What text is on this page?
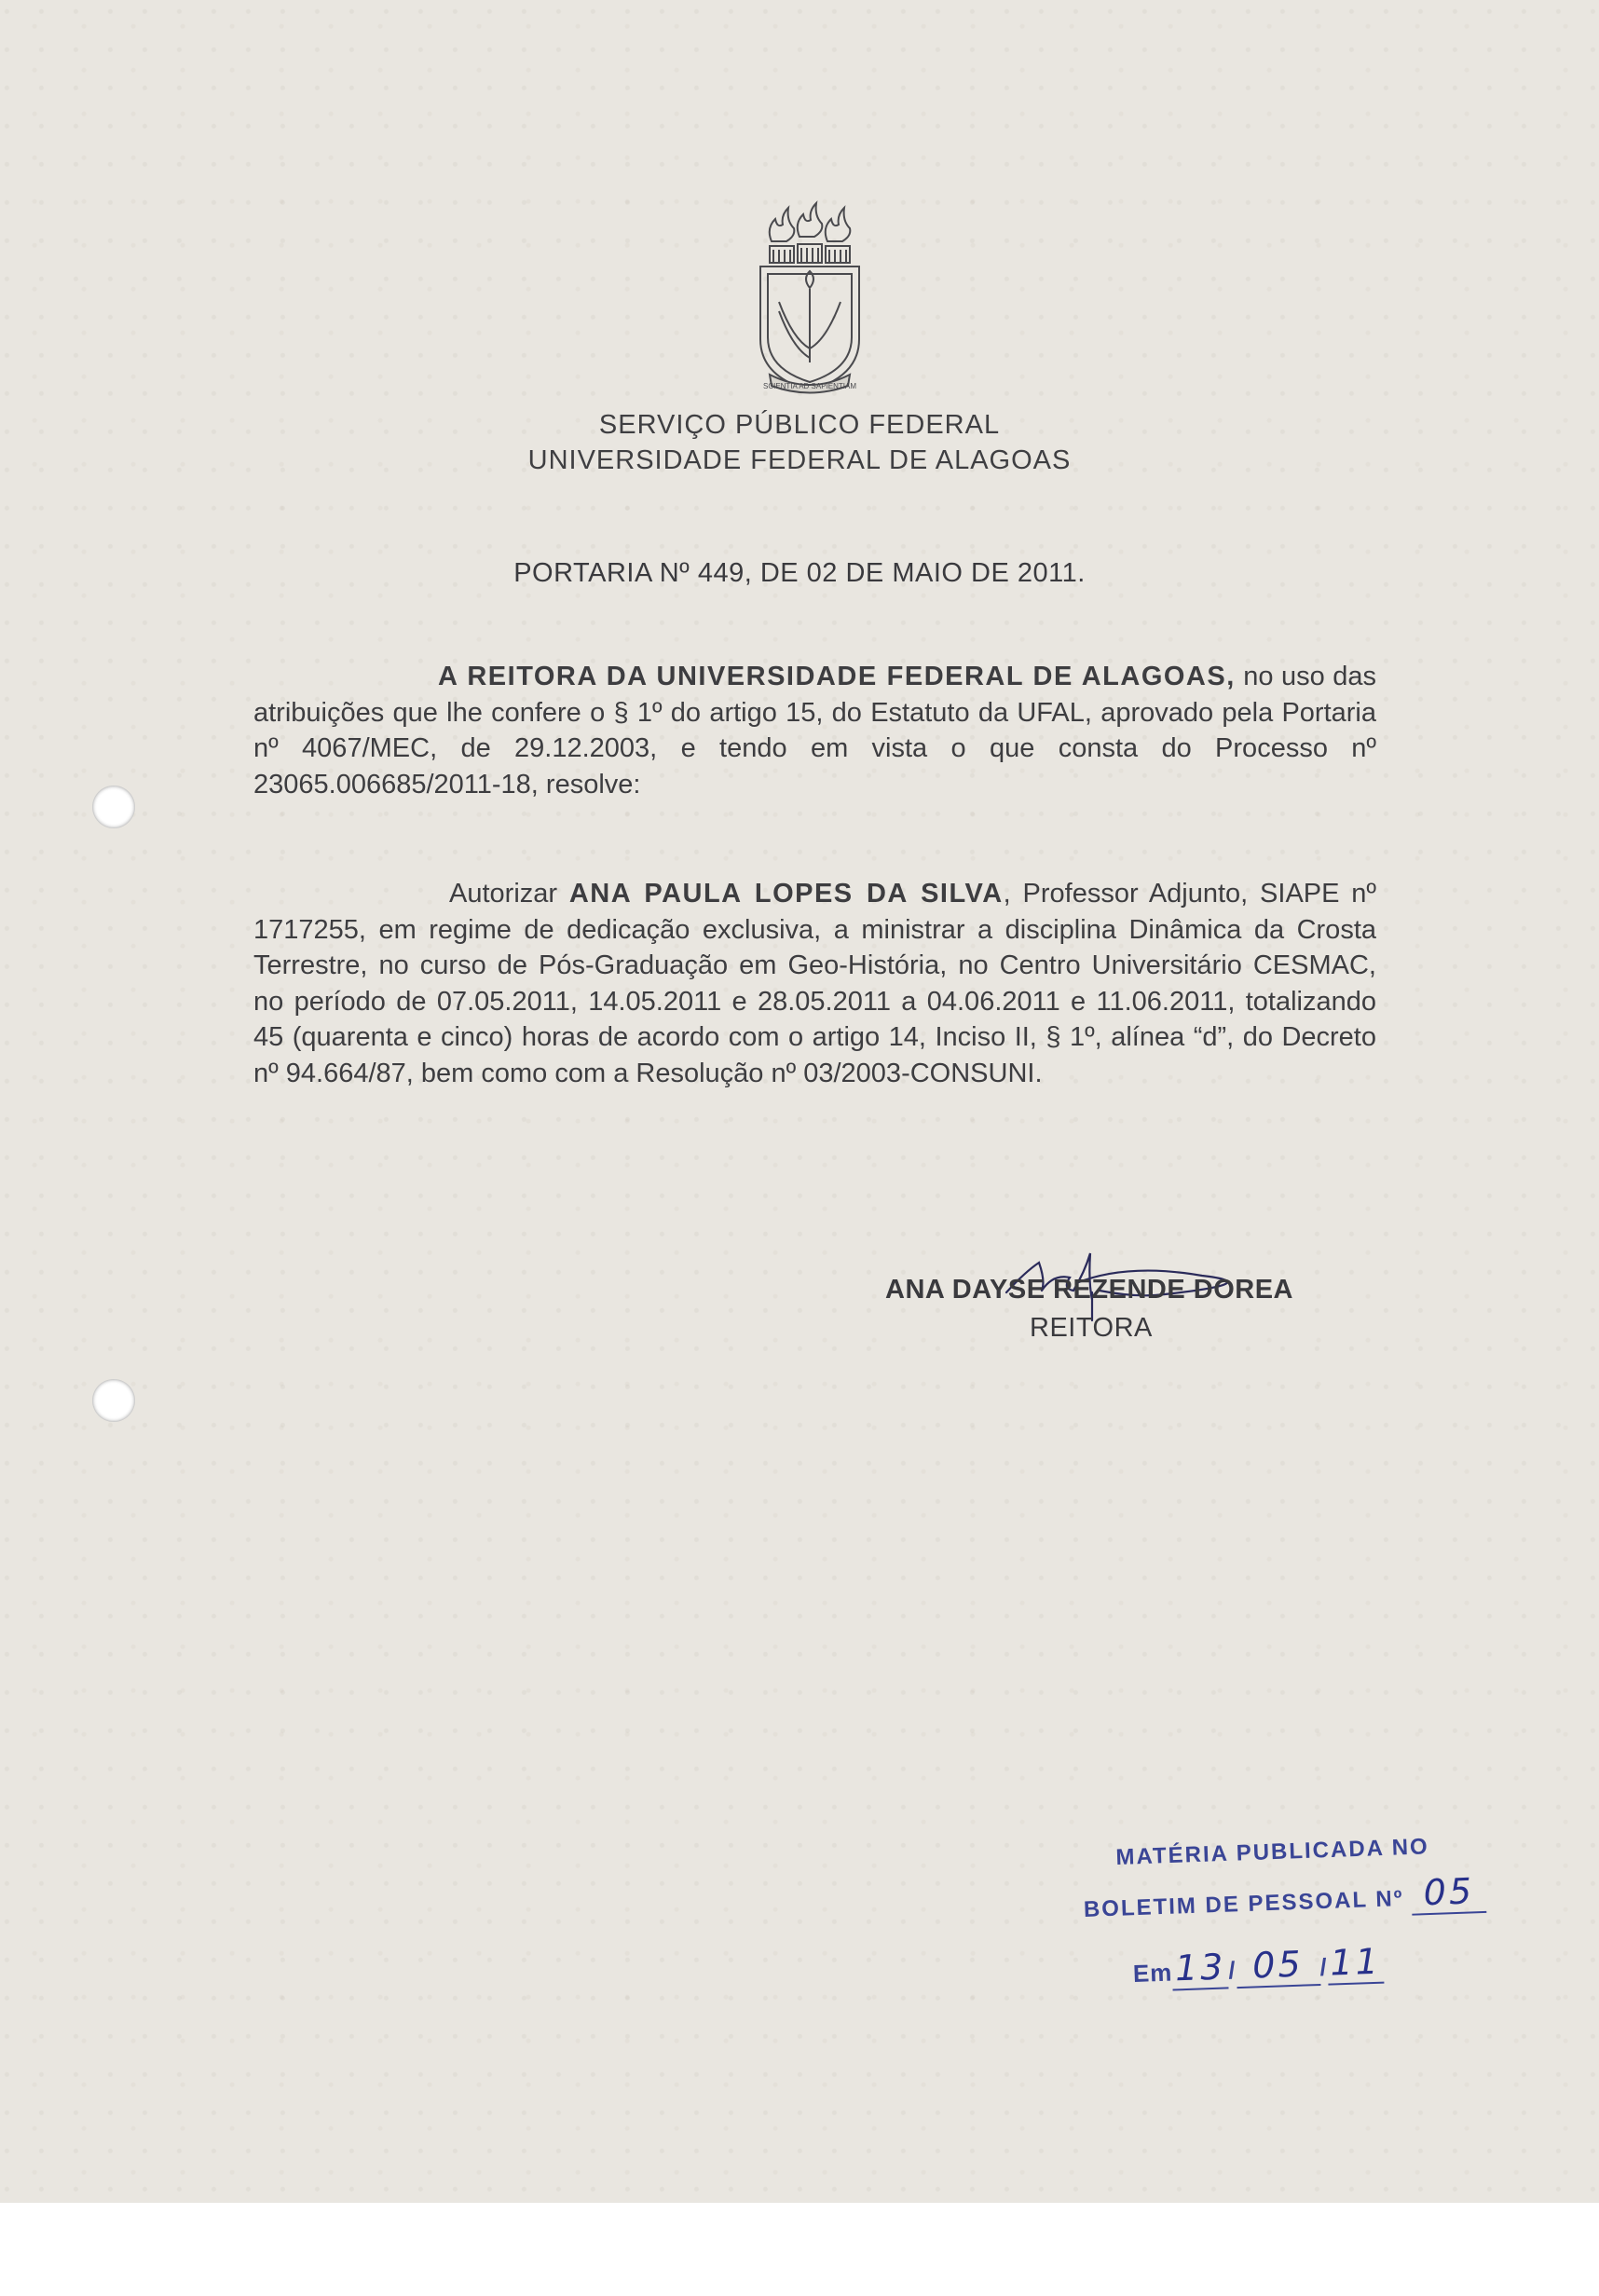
SCIENTIA AD SAPIENTIAM
SERVIÇO PÚBLICO FEDERAL
UNIVERSIDADE FEDERAL DE ALAGOAS
PORTARIA Nº 449, DE 02 DE MAIO DE 2011.
A REITORA DA UNIVERSIDADE FEDERAL DE ALAGOAS, no uso das atribuições que lhe confere o § 1º do artigo 15, do Estatuto da UFAL, aprovado pela Portaria nº 4067/MEC, de 29.12.2003, e tendo em vista o que consta do Processo nº 23065.006685/2011-18, resolve:
Autorizar ANA PAULA LOPES DA SILVA, Professor Adjunto, SIAPE nº 1717255, em regime de dedicação exclusiva, a ministrar a disciplina Dinâmica da Crosta Terrestre, no curso de Pós-Graduação em Geo-História, no Centro Universitário CESMAC, no período de 07.05.2011, 14.05.2011 e 28.05.2011 a 04.06.2011 e 11.06.2011, totalizando 45 (quarenta e cinco) horas de acordo com o artigo 14, Inciso II, § 1º, alínea “d”, do Decreto nº 94.664/87, bem como com a Resolução nº 03/2003-CONSUNI.
ANA DAYSE REZENDE DOREA
REITORA
MATÉRIA PUBLICADA NO
BOLETIM DE PESSOAL Nº 05
Em13/ 05 /11
